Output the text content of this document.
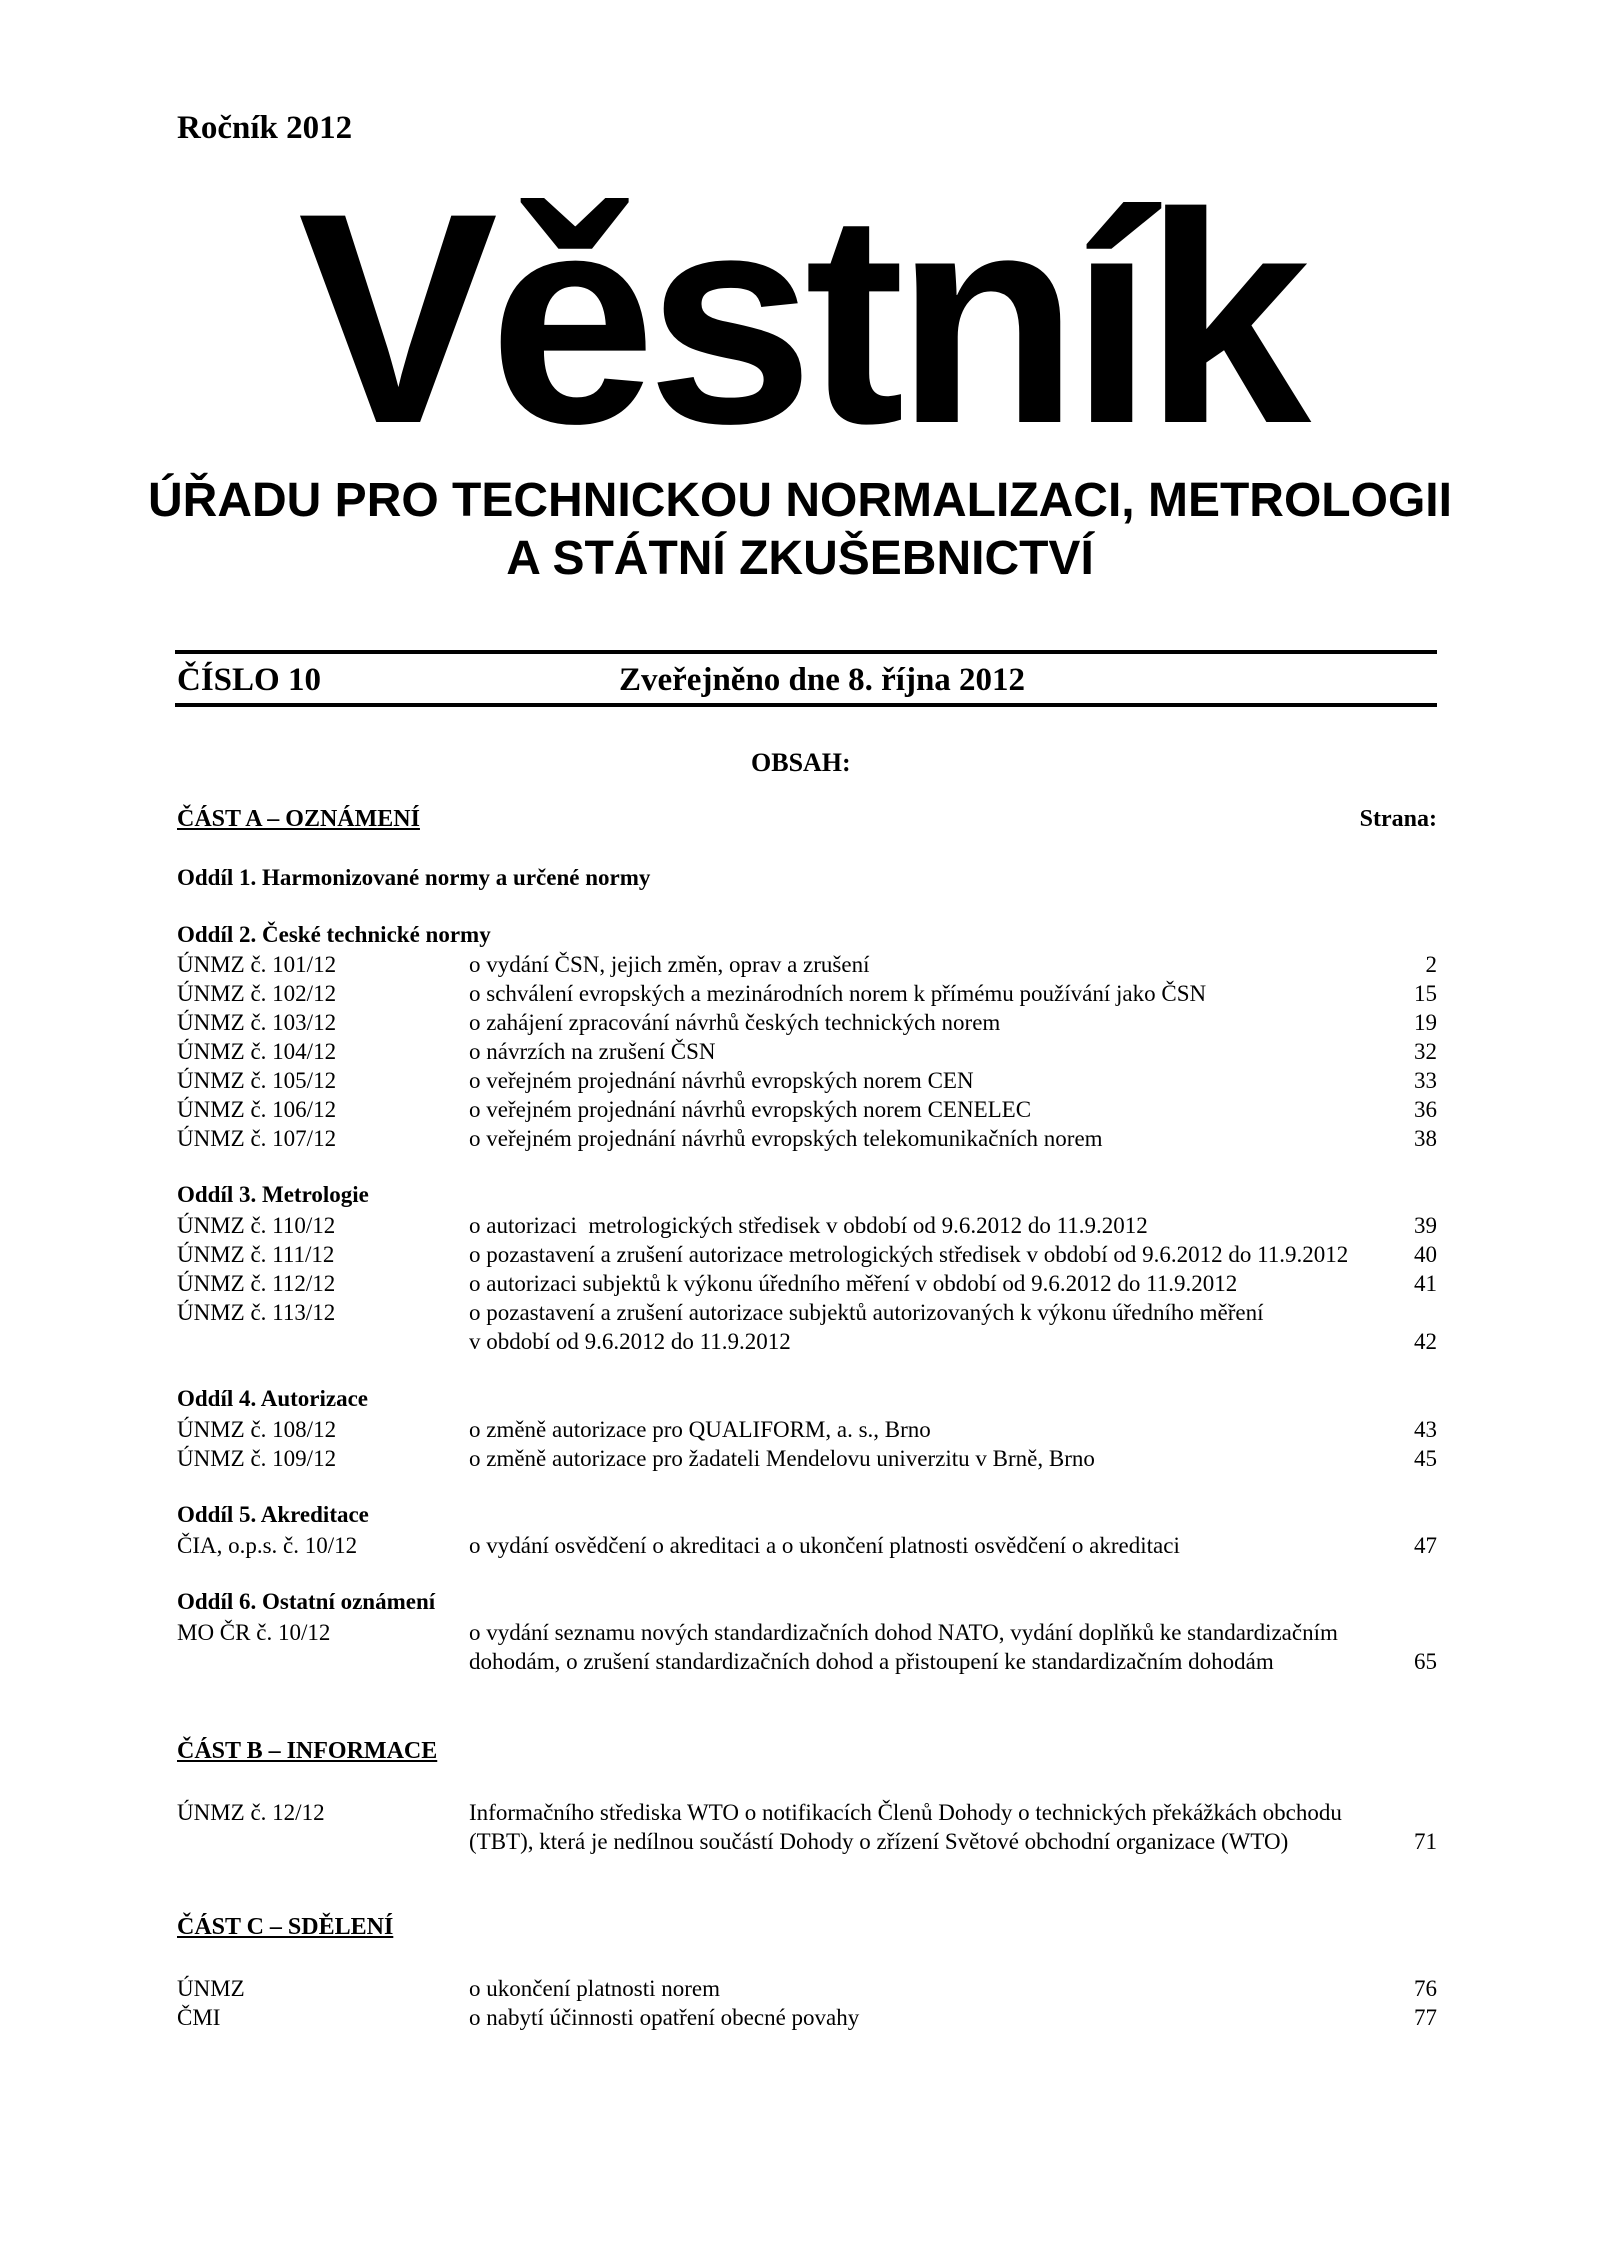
Ročník 2012
Věstník
ÚŘADU PRO TECHNICKOU NORMALIZACI, METROLOGII
A STÁTNÍ ZKUŠEBNICTVÍ
ČÍSLO 10	Zveřejněno dne 8. října 2012
OBSAH:
ČÁST A – OZNÁMENÍ	Strana:
Oddíl 1. Harmonizované normy a určené normy
Oddíl 2. České technické normy
ÚNMZ č. 101/12	o vydání ČSN, jejich změn, oprav a zrušení	2
ÚNMZ č. 102/12	o schválení evropských a mezinárodních norem k přímému používání jako ČSN	15
ÚNMZ č. 103/12	o zahájení zpracování návrhů českých technických norem	19
ÚNMZ č. 104/12	o návrzích na zrušení ČSN	32
ÚNMZ č. 105/12	o veřejném projednání návrhů evropských norem CEN	33
ÚNMZ č. 106/12	o veřejném projednání návrhů evropských norem CENELEC	36
ÚNMZ č. 107/12	o veřejném projednání návrhů evropských telekomunikačních norem	38
Oddíl 3. Metrologie
ÚNMZ č. 110/12	o autorizaci  metrologických středisek v období od 9.6.2012 do 11.9.2012	39
ÚNMZ č. 111/12	o pozastavení a zrušení autorizace metrologických středisek v období od 9.6.2012 do 11.9.2012	40
ÚNMZ č. 112/12	o autorizaci subjektů k výkonu úředního měření v období od 9.6.2012 do 11.9.2012	41
ÚNMZ č. 113/12	o pozastavení a zrušení autorizace subjektů autorizovaných k výkonu úředního měření
v období od 9.6.2012 do 11.9.2012	42
Oddíl 4. Autorizace
ÚNMZ č. 108/12	o změně autorizace pro QUALIFORM, a. s., Brno	43
ÚNMZ č. 109/12	o změně autorizace pro žadateli Mendelovu univerzitu v Brně, Brno	45
Oddíl 5. Akreditace
ČIA, o.p.s. č. 10/12	o vydání osvědčení o akreditaci a o ukončení platnosti osvědčení o akreditaci	47
Oddíl 6. Ostatní oznámení
MO ČR č. 10/12	o vydání seznamu nových standardizačních dohod NATO, vydání doplňků ke standardizačním
dohodám, o zrušení standardizačních dohod a přistoupení ke standardizačním dohodám	65
ČÁST B – INFORMACE
ÚNMZ č. 12/12	Informačního střediska WTO o notifikacích Členů Dohody o technických překážkách obchodu
(TBT), která je nedílnou součástí Dohody o zřízení Světové obchodní organizace (WTO)	71
ČÁST C – SDĚLENÍ
ÚNMZ	o ukončení platnosti norem	76
ČMI	o nabytí účinnosti opatření obecné povahy	77
